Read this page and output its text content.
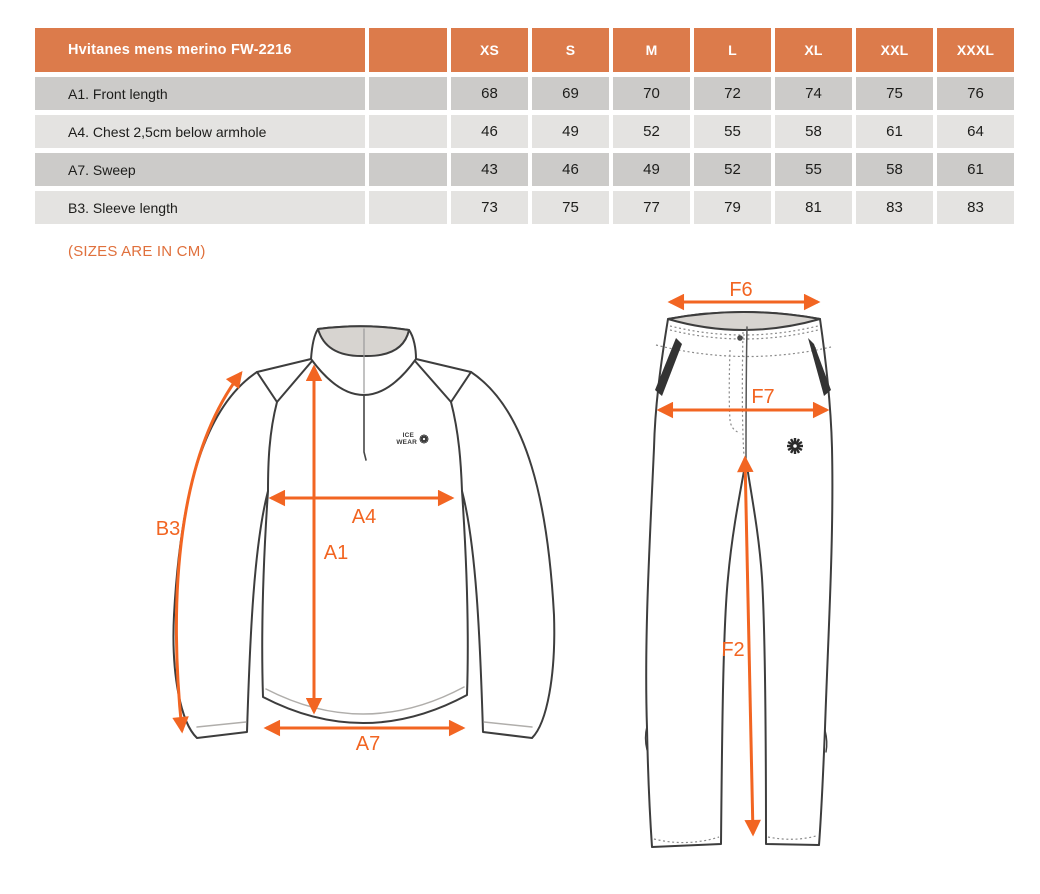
Hvitanes mens merino FW-2216	XS	S	M	L	XL	XXL	XXXL
A1. Front length	68	69	70	72	74	75	76
A4. Chest 2,5cm below armhole	46	49	52	55	58	61	64
A7. Sweep	43	46	49	52	55	58	61
B3. Sleeve length	73	75	77	79	81	83	83
(SIZES ARE IN CM)
ICE
WEAR
B3
A4
A1
A7
F6
F7
F2
